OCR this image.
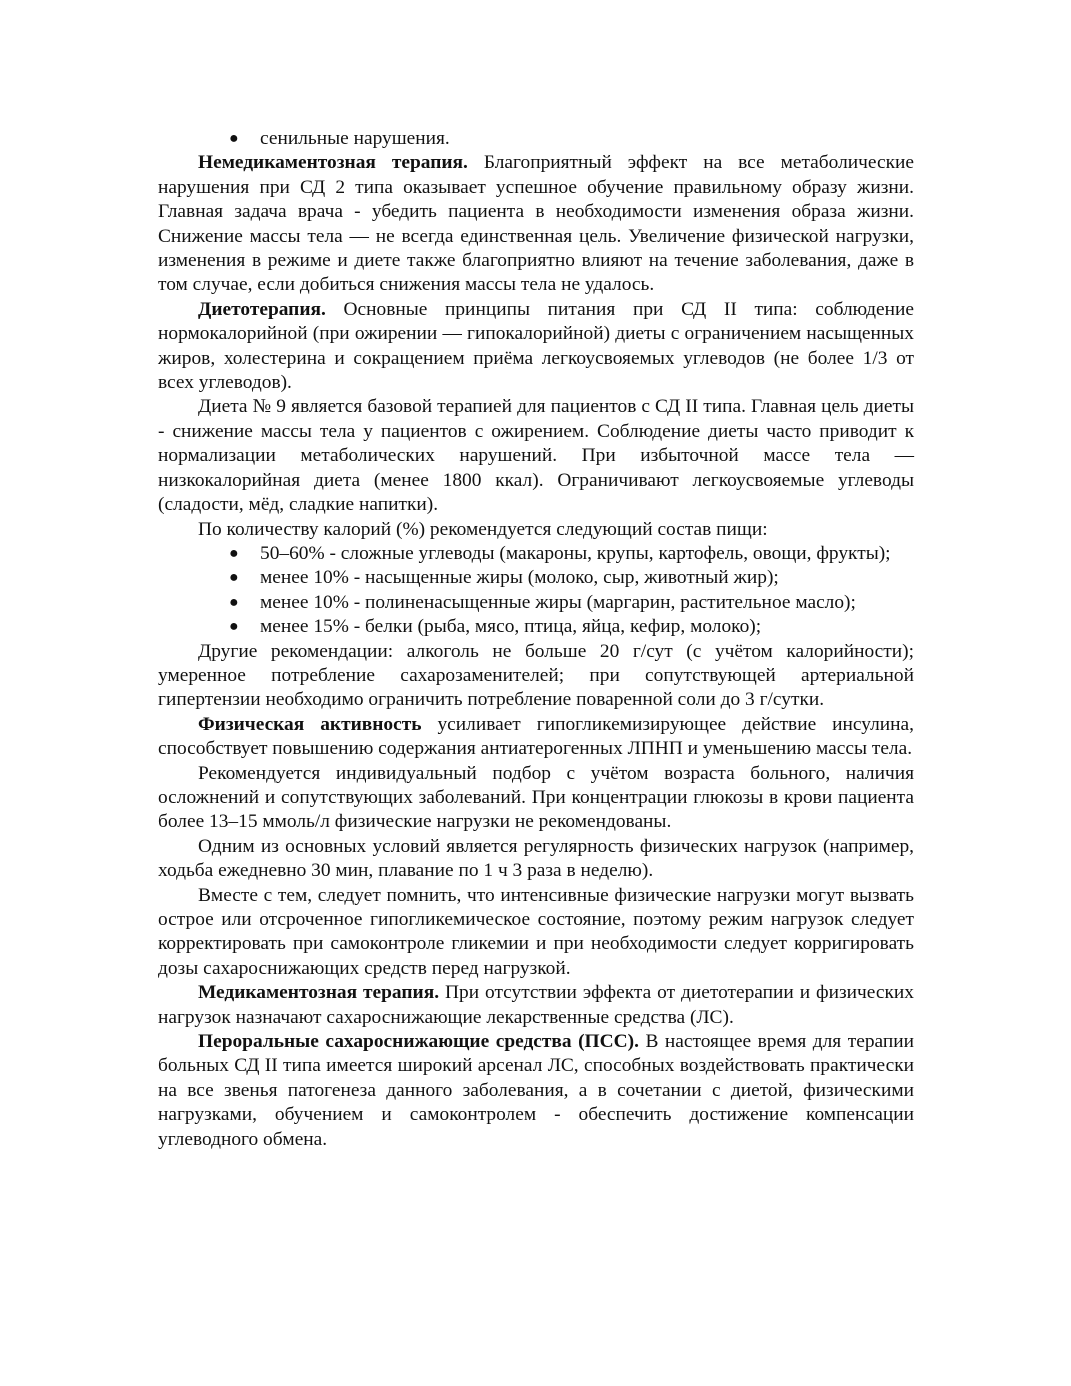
● сенильные нарушения.

Немедикаментозная терапия. Благоприятный эффект на все метаболические нарушения при СД 2 типа оказывает успешное обучение правильному образу жизни. Главная задача врача - убедить пациента в необходимости изменения образа жизни. Снижение массы тела — не всегда единственная цель. Увеличение физической нагрузки, изменения в режиме и диете также благоприятно влияют на течение заболевания, даже в том случае, если добиться снижения массы тела не удалось.

Диетотерапия. Основные принципы питания при СД II типа: соблюдение нормокалорийной (при ожирении — гипокалорийной) диеты с ограничением насыщенных жиров, холестерина и сокращением приёма легкоусвояемых углеводов (не более 1/3 от всех углеводов).

Диета № 9 является базовой терапией для пациентов с СД II типа. Главная цель диеты - снижение массы тела у пациентов с ожирением. Соблюдение диеты часто приводит к нормализации метаболических нарушений. При избыточной массе тела — низкокалорийная диета (менее 1800 ккал). Ограничивают легкоусвояемые углеводы (сладости, мёд, сладкие напитки).

По количеству калорий (%) рекомендуется следующий состав пищи:

● 50–60% - сложные углеводы (макароны, крупы, картофель, овощи, фрукты);
● менее 10% - насыщенные жиры (молоко, сыр, животный жир);
● менее 10% - полиненасыщенные жиры (маргарин, растительное масло);
● менее 15% - белки (рыба, мясо, птица, яйца, кефир, молоко);

Другие рекомендации: алкоголь не больше 20 г/сут (с учётом калорийности); умеренное потребление сахарозаменителей; при сопутствующей артериальной гипертензии необходимо ограничить потребление поваренной соли до 3 г/сутки.

Физическая активность усиливает гипогликемизирующее действие инсулина, способствует повышению содержания антиатерогенных ЛПНП и уменьшению массы тела.

Рекомендуется индивидуальный подбор с учётом возраста больного, наличия осложнений и сопутствующих заболеваний. При концентрации глюкозы в крови пациента более 13–15 ммоль/л физические нагрузки не рекомендованы.

Одним из основных условий является регулярность физических нагрузок (например, ходьба ежедневно 30 мин, плавание по 1 ч 3 раза в неделю).

Вместе с тем, следует помнить, что интенсивные физические нагрузки могут вызвать острое или отсроченное гипогликемическое состояние, поэтому режим нагрузок следует корректировать при самоконтроле гликемии и при необходимости следует корригировать дозы сахароснижающих средств перед нагрузкой.

Медикаментозная терапия. При отсутствии эффекта от диетотерапии и физических нагрузок назначают сахароснижающие лекарственные средства (ЛС).

Пероральные сахароснижающие средства (ПСС). В настоящее время для терапии больных СД II типа имеется широкий арсенал ЛС, способных воздействовать практически на все звенья патогенеза данного заболевания, а в сочетании с диетой, физическими нагрузками, обучением и самоконтролем - обеспечить достижение компенсации углеводного обмена.
